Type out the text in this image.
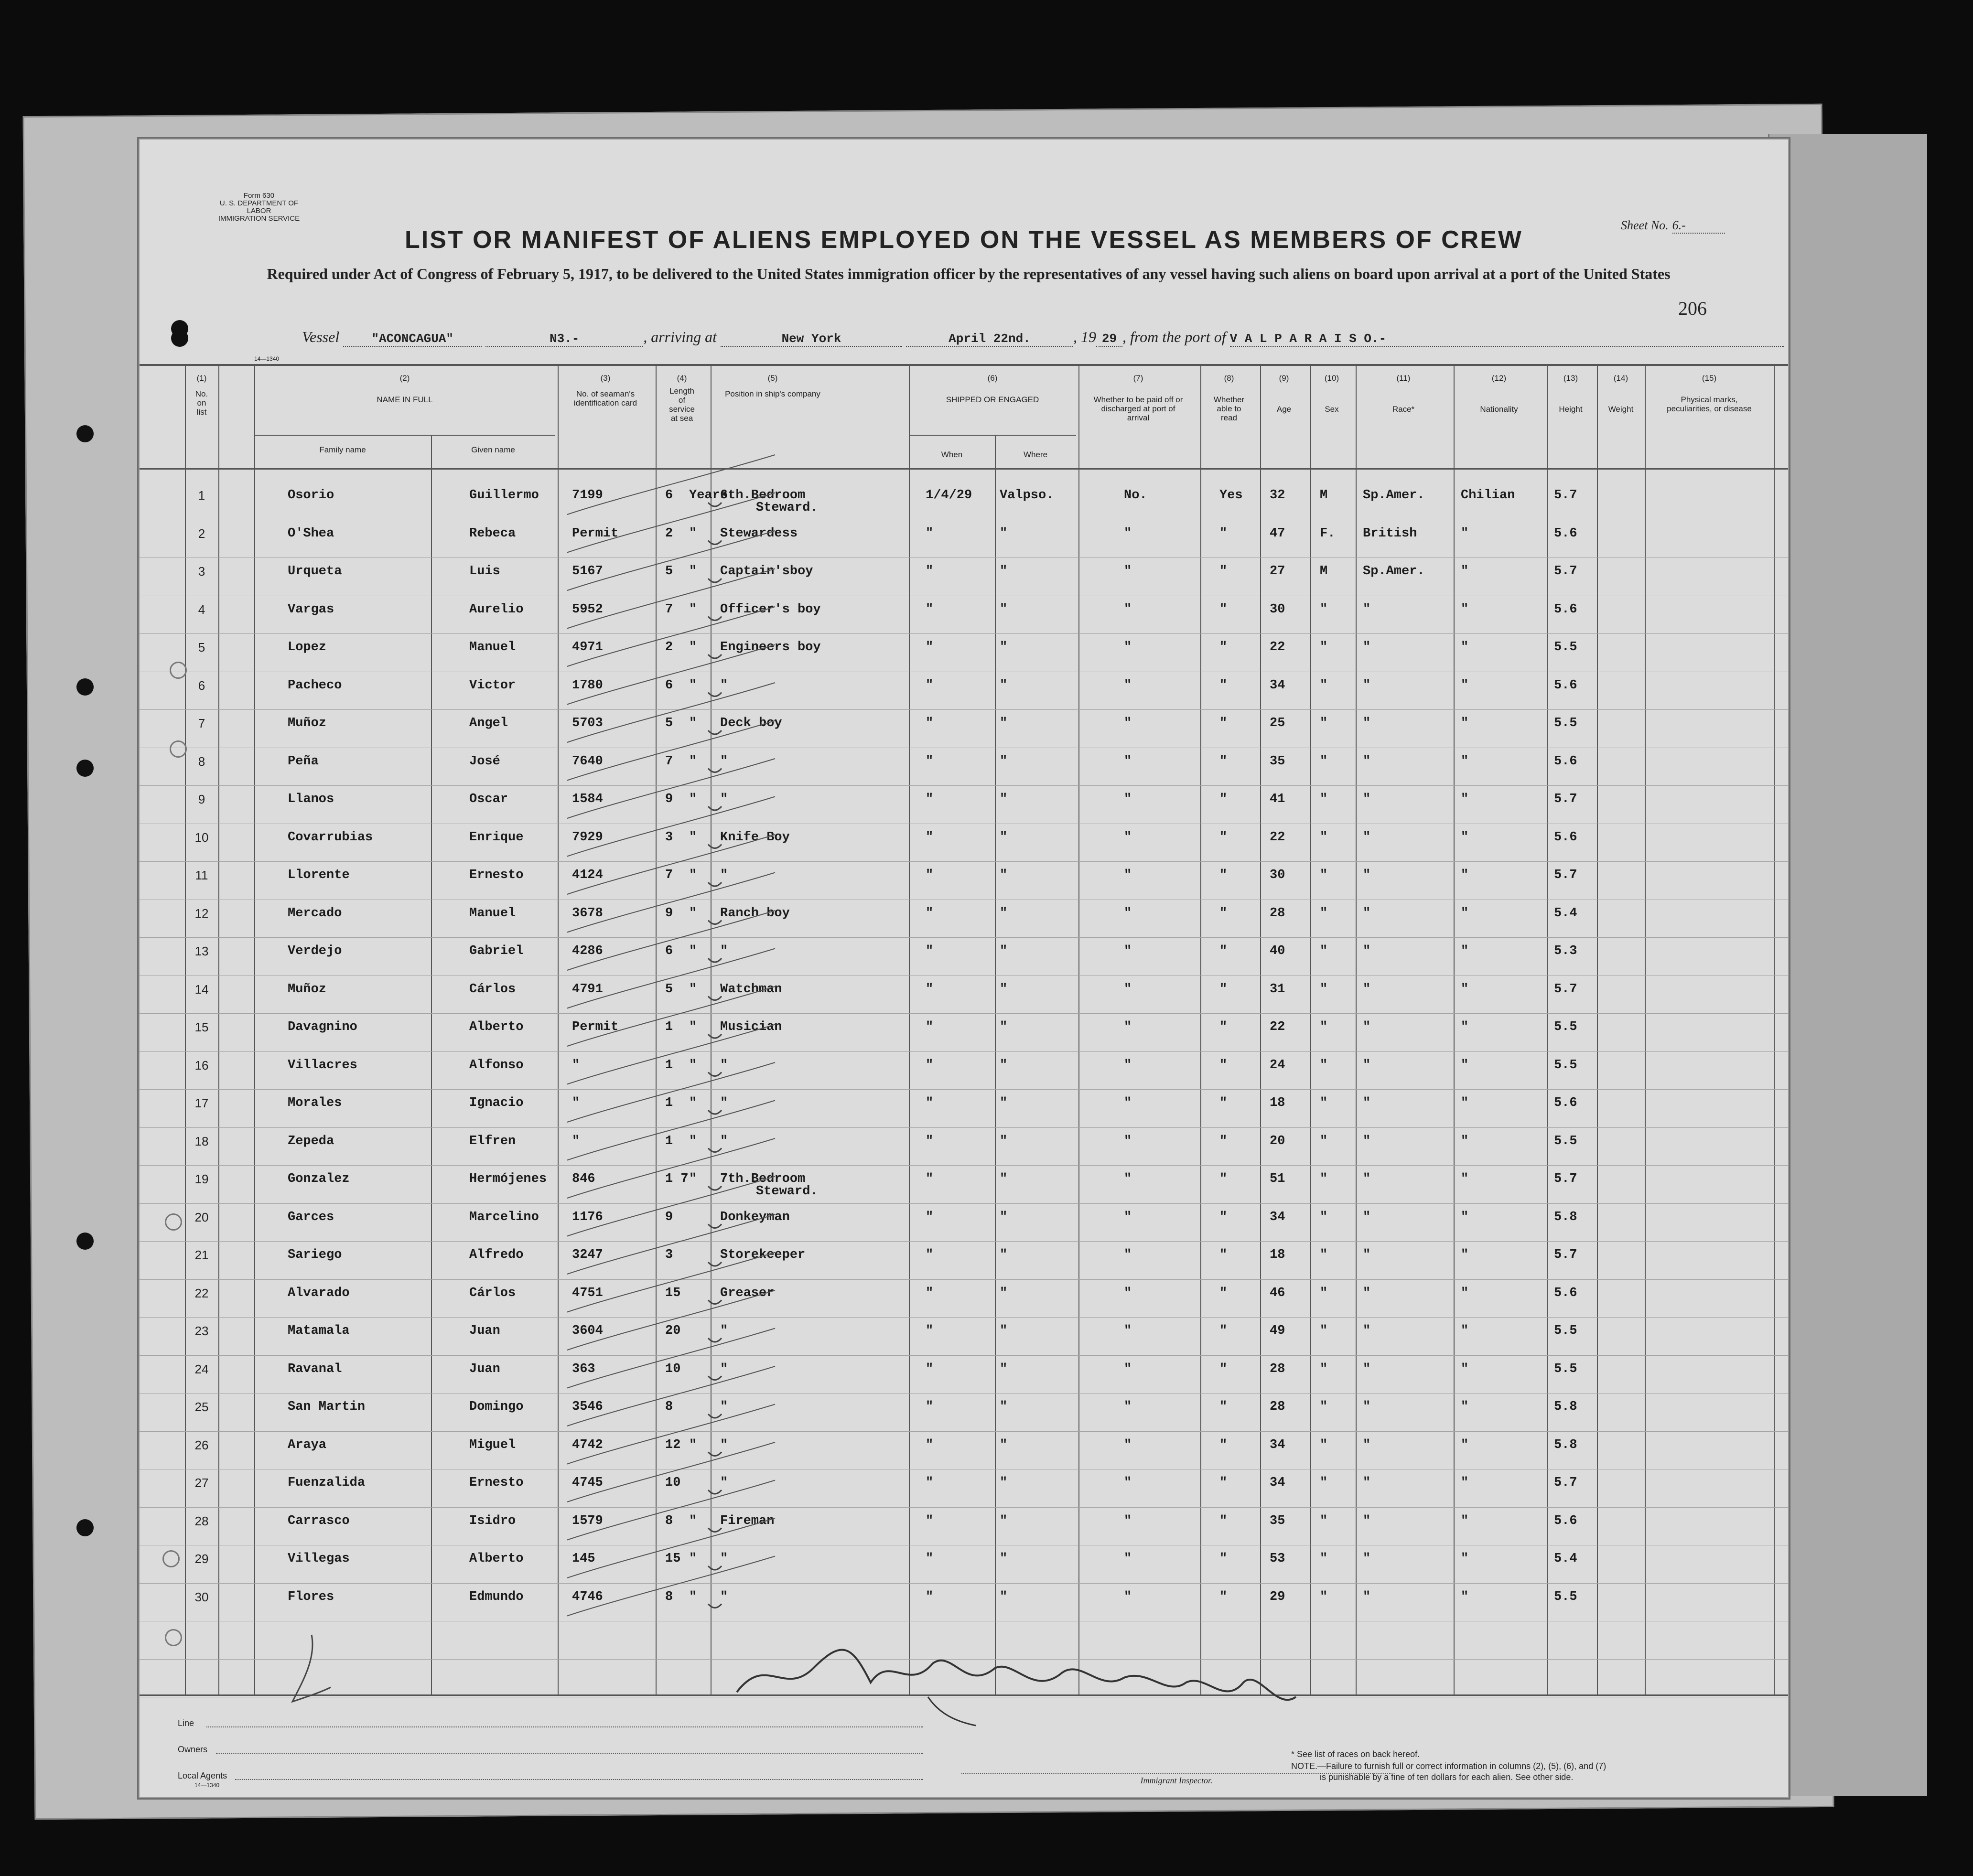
Form 630
U. S. DEPARTMENT OF LABOR
IMMIGRATION SERVICE
LIST OR MANIFEST OF ALIENS EMPLOYED ON THE VESSEL AS MEMBERS OF CREW
Sheet No. 6.-
Required under Act of Congress of February 5, 1917, to be delivered to the United States immigration officer by the representatives of any vessel having such aliens on board upon arrival at a port of the United States
206
Vessel	"ACONCAGUA"	N3.-	, arriving at	New York	April 22nd.	, 19 29 , from the port of V A L P A R A I S O.-
14—1340
(1)
No. on list
(2)
NAME IN FULL
Family name	Given name
(3)
No. of seaman's identification card
(4)
Length of service at sea
(5)
Position in ship's company
(6)
SHIPPED OR ENGAGED
When	Where
(7)
Whether to be paid off or discharged at port of arrival
(8)
Whether able to read
(9)
Age
(10)
Sex
(11)
Race*
(12)
Nationality
(13)
Height
(14)
Weight
(15)
Physical marks, peculiarities, or disease
1	Osorio	Guillermo	7199	6 Years
6th.Bedroom	1/4/29 Valpso.	No.	Yes 32	M	Sp.Amer.	Chilian	5.7
Steward.
2	O'Shea	Rebeca	Permit	2 " Stewardess	"	"	"	"	47	F. British	"	5.6
3	Urqueta	Luis	5167	5 " Captain'sboy	"	"	"	"	27	M	Sp.Amer.	"	5.7
4	Vargas	Aurelio	5952	7 " Officer's boy	"	"	"	"	30	"	"	"	5.6
5	Lopez	Manuel	4971	2 " Engineers boy	"	"	"	"	22	"	"	"	5.5
6	Pacheco	Victor	1780	6 " "	"	"	"	"	34	"	"	"	5.6
7	Muñoz	Angel	5703	5 " Deck boy	"	"	"	"	25	"	"	"	5.5
8	Peña	José	7640	7 " "	"	"	"	"	35	"	"	"	5.6
9	Llanos	Oscar	1584	9 " "	"	"	"	"	41	"	"	"	5.7
10	Covarrubias	Enrique	7929	3 " Knife Boy	"	"	"	"	22	"	"	"	5.6
11	Llorente	Ernesto	4124	7 " "	"	"	"	"	30	"	"	"	5.7
12	Mercado	Manuel	3678	9 " Ranch boy	"	"	"	"	28	"	"	"	5.4
13	Verdejo	Gabriel	4286	6 " "	"	"	"	"	40	"	"	"	5.3
14	Muñoz	Cárlos	4791	5 " Watchman	"	"	"	"	31	"	"	"	5.7
15	Davagnino	Alberto	Permit	1 " Musician	"	"	"	"	22	"	"	"	5.5
16	Villacres	Alfonso	"	1 " "	"	"	"	"	24	"	"	"	5.5
17	Morales	Ignacio	"	1 " "	"	"	"	"	18	"	"	"	5.6
18	Zepeda	Elfren	"	1 " "	"	"	"	"	20	"	"	"	5.5
19	Gonzalez	Hermójenes 846	1 7 " 7th.Bedroom	"	"	"	"	51	"	"	"	5.7
Steward.
20	Garces	Marcelino	1176	9	Donkeyman	"	"	"	"	34	"	"	"	5.8
21	Sariego	Alfredo	3247	3	Storekeeper	"	"	"	"	18	"	"	"	5.7
22	Alvarado	Cárlos	4751	15	Greaser	"	"	"	"	46	"	"	"	5.6
23	Matamala	Juan	3604	20	"	"	"	"	"	49	"	"	"	5.5
24	Ravanal	Juan	363	10	"	"	"	"	"	28	"	"	"	5.5
25	San Martin	Domingo	3546	8	"	"	"	"	"	28	"	"	"	5.8
26	Araya	Miguel	4742	12 " "	"	"	"	"	34	"	"	"	5.8
27	Fuenzalida	Ernesto	4745	10	"	"	"	"	"	34	"	"	"	5.7
28	Carrasco	Isidro	1579	8 " Fireman	"	"	"	"	35	"	"	"	5.6
29	Villegas	Alberto	145	15 " "	"	"	"	"	53	"	"	"	5.4
30	Flores	Edmundo	4746	8 " "	"	"	"	"	29	"	"	"	5.5
Line
Owners
Local Agents
14—1340	Immigrant Inspector.
* See list of races on back hereof.
NOTE.—Failure to furnish full or correct information in columns (2), (5), (6), and (7)
is punishable by a fine of ten dollars for each alien. See other side.
